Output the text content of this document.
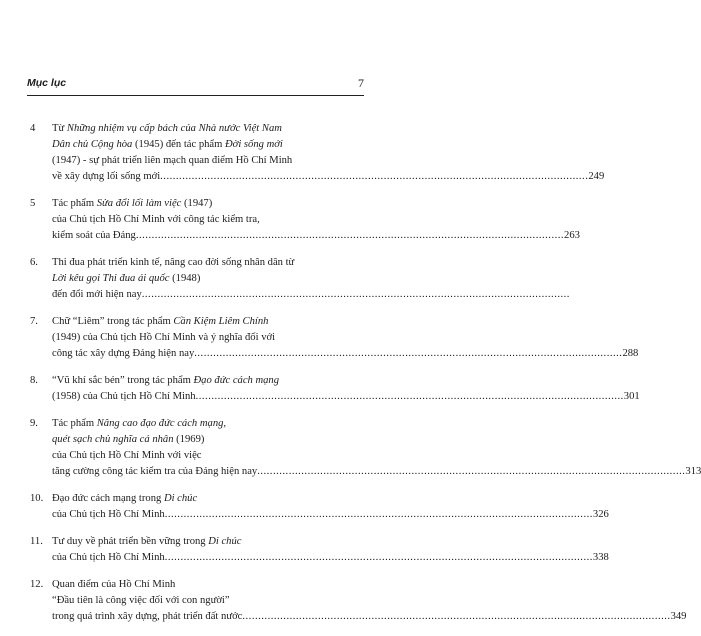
Mục lục	7
4	Từ Những nhiệm vụ cấp bách của Nhà nước Việt Nam
Dân chủ Cộng hòa (1945) đến tác phẩm Đời sống mới
(1947) - sự phát triển liên mạch quan điểm Hồ Chí Minh
về xây dựng lối sống mới .....	249
5	Tác phẩm Sửa đổi lối làm việc (1947)
của Chủ tịch Hồ Chí Minh với công tác kiểm tra,
kiểm soát của Đảng .....	263
6.	Thi đua phát triển kinh tế, nâng cao đời sống nhân dân từ
Lời kêu gọi Thi đua ái quốc (1948)
đến đổi mới hiện nay
.....
7.	Chữ “Liêm” trong tác phẩm Cần Kiệm Liêm Chính
(1949) của Chủ tịch Hồ Chí Minh và ý nghĩa đối với
công tác xây dựng Đảng hiện nay .....	288
8.	“Vũ khí sắc bén” trong tác phẩm Đạo đức cách mạng
(1958) của Chủ tịch Hồ Chí Minh .....	301
9.	Tác phẩm Nâng cao đạo đức cách mạng,
quét sạch chủ nghĩa cá nhân (1969)
của Chủ tịch Hồ Chí Minh với việc
tăng cường công tác kiểm tra của Đảng hiện nay .....	313
10. Đạo đức cách mạng trong Di chúc
của Chủ tịch Hồ Chí Minh .....	326
11. Tư duy về phát triển bền vững trong Di chúc
của Chủ tịch Hồ Chí Minh .....	338
12. Quan điểm của Hồ Chí Minh
“Đầu tiên là công việc đối với con người”
trong quá trình xây dựng, phát triển đất nước .....	349
